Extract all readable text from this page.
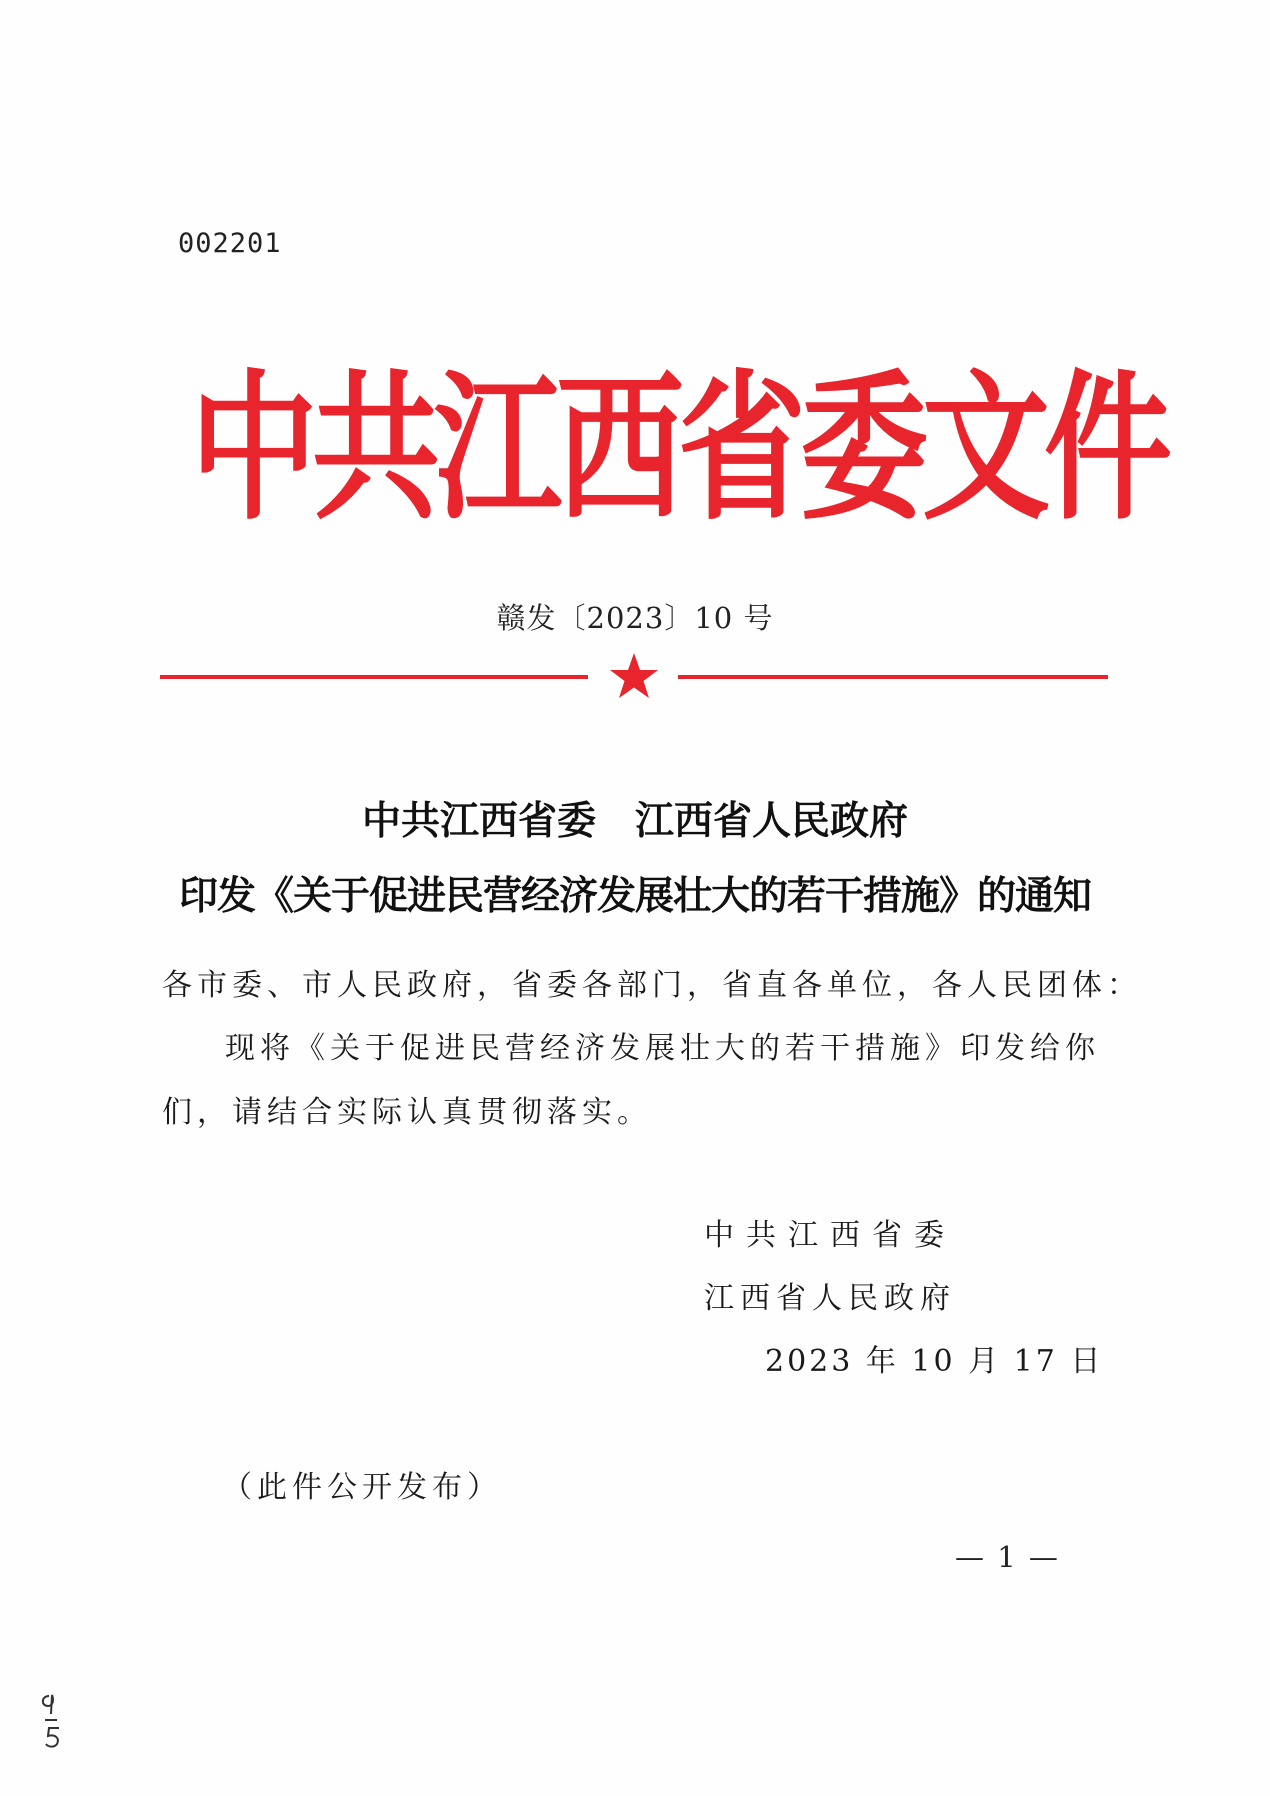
002201
中共江西省委文件
赣发〔2023〕10 号
中共江西省委　江西省人民政府
印发《关于促进民营经济发展壮大的若干措施》的通知
各市委、市人民政府，省委各部门，省直各单位，各人民团体：
现将《关于促进民营经济发展壮大的若干措施》印发给你
们，请结合实际认真贯彻落实。
中共江西省委
江西省人民政府
2023 年 10 月 17 日
（此件公开发布）
— 1 —
